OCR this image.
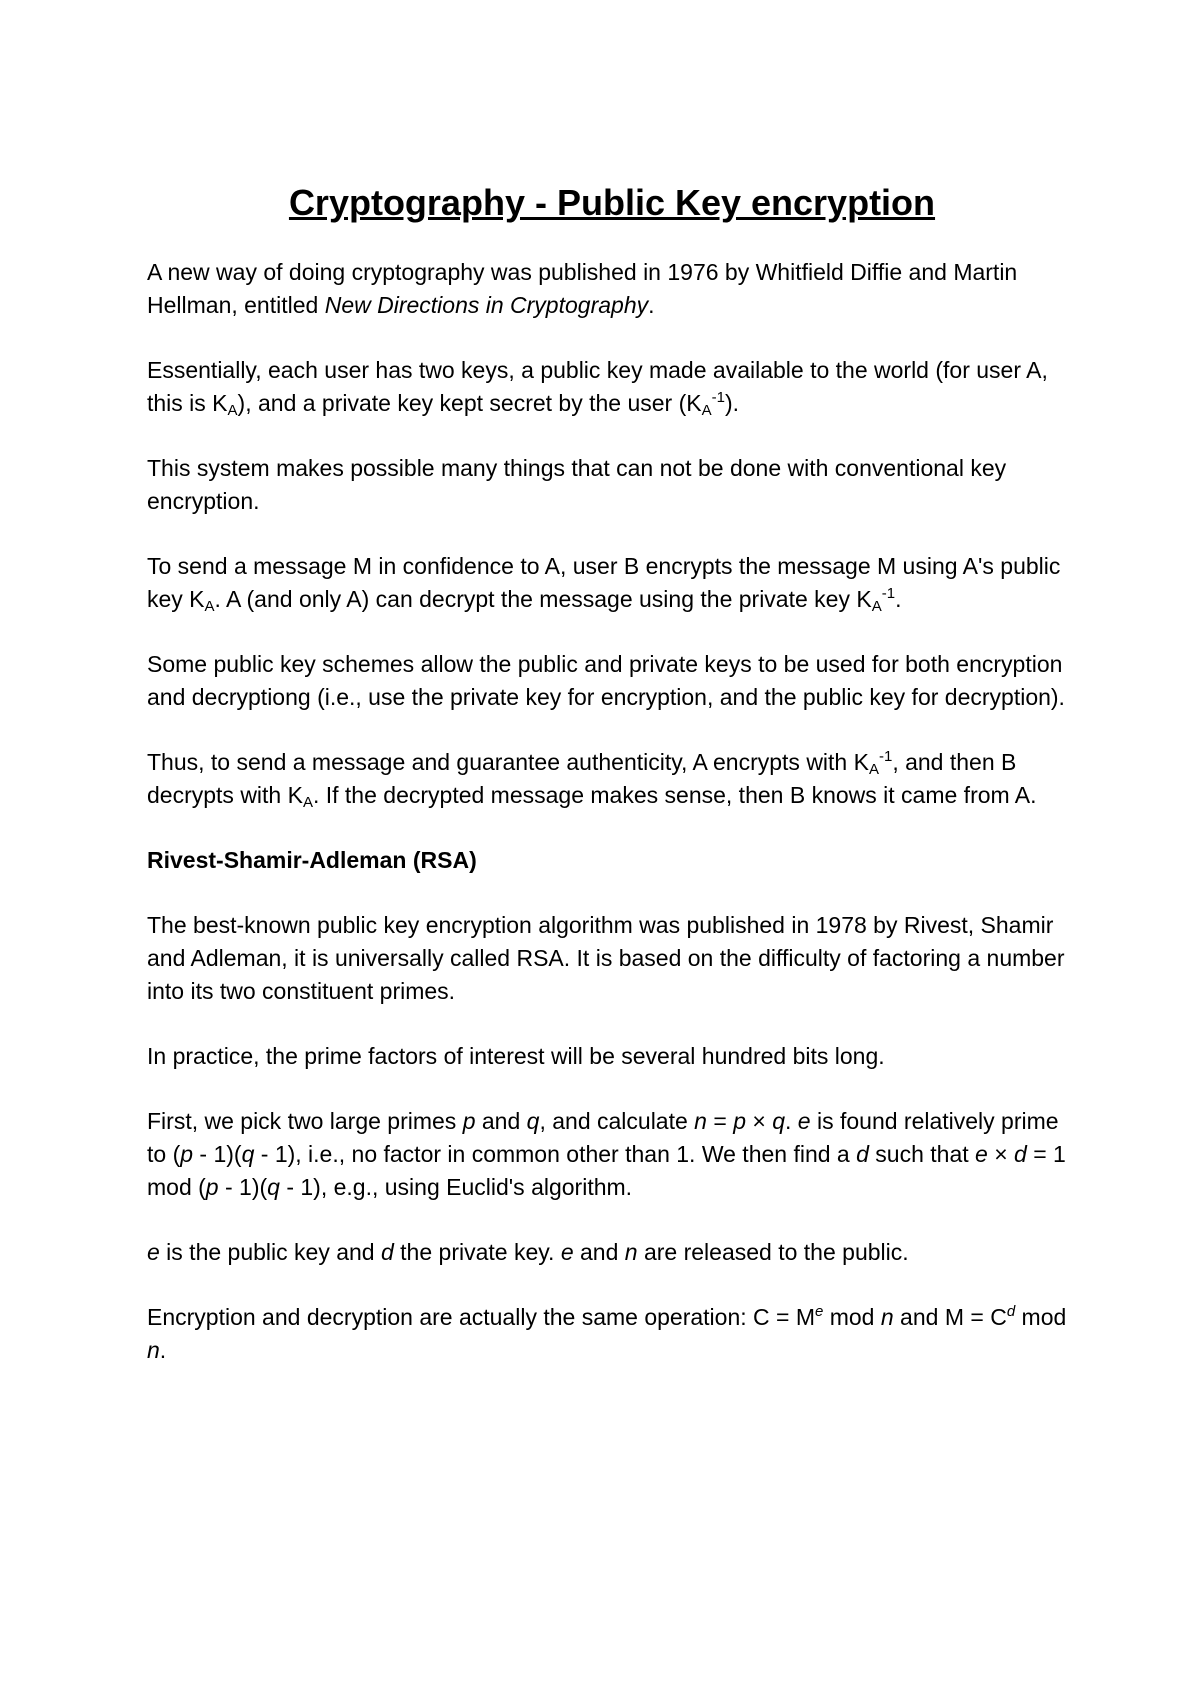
Cryptography - Public Key encryption

A new way of doing cryptography was published in 1976 by Whitfield Diffie and Martin Hellman, entitled New Directions in Cryptography.

Essentially, each user has two keys, a public key made available to the world (for user A, this is $K_A$), and a private key kept secret by the user $(K_A^{-1})$.

This system makes possible many things that can not be done with conventional key encryption.

To send a message M in confidence to A, user B encrypts the message M using A's public key $K_A$. A (and only A) can decrypt the message using the private key $K_A^{-1}$.

Some public key schemes allow the public and private keys to be used for both encryption and decryptiong (i.e., use the private key for encryption, and the public key for decryption).

Thus, to send a message and guarantee authenticity, A encrypts with $K_A^{-1}$, and then B decrypts with $K_A$. If the decrypted message makes sense, then B knows it came from A.

Rivest-Shamir-Adleman (RSA)

The best-known public key encryption algorithm was published in 1978 by Rivest, Shamir and Adleman, it is universally called RSA. It is based on the difficulty of factoring a number into its two constituent primes.

In practice, the prime factors of interest will be several hundred bits long.

First, we pick two large primes p and q, and calculate n = p × q. e is found relatively prime to (p - 1)(q - 1), i.e., no factor in common other than 1. We then find a d such that e × d = 1 mod (p - 1)(q - 1), e.g., using Euclid's algorithm.

e is the public key and d the private key. e and n are released to the public.

Encryption and decryption are actually the same operation: $C = M^e$ mod n and $M = C^d$ mod n.
